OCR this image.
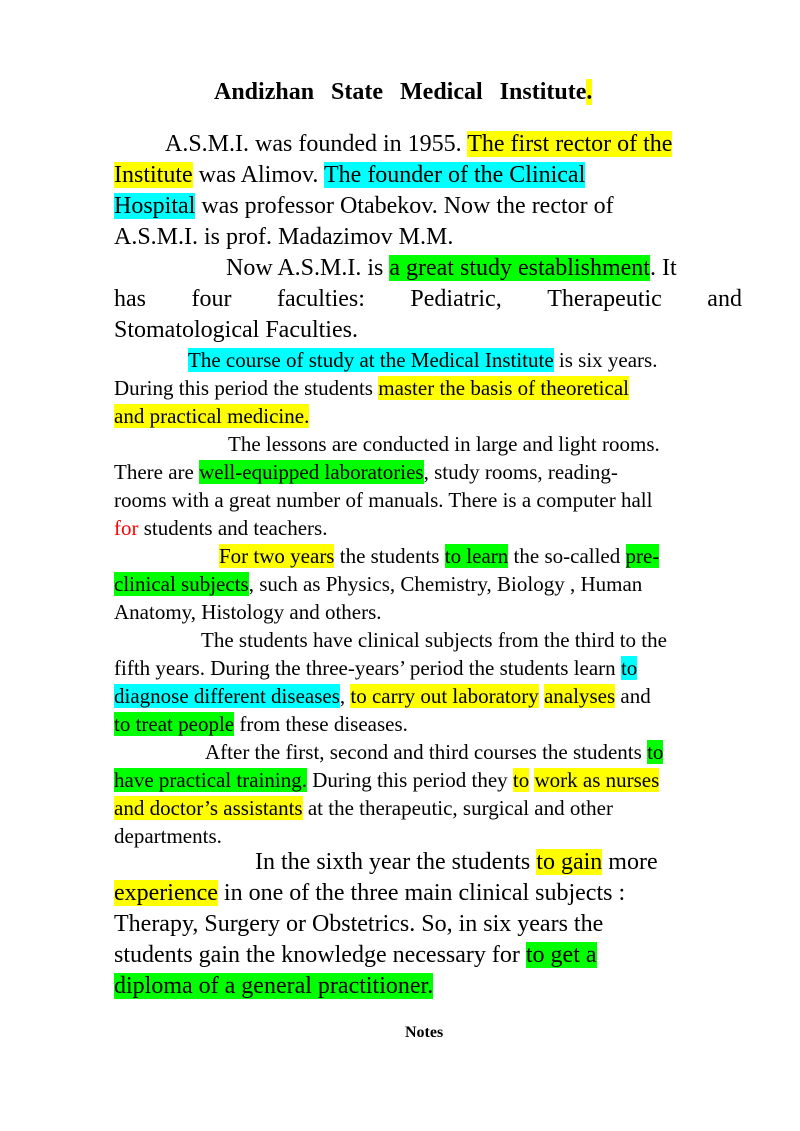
Andizhan State Medical Institute.
A.S.M.I. was founded in 1955. The first rector of the
Institute was Alimov. The founder of the Clinical
Hospital was professor Otabekov. Now the rector of
A.S.M.I. is prof. Madazimov M.M.
Now A.S.M.I. is a great study establishment. It
has four faculties: Pediatric, Therapeutic and
Stomatological Faculties.
The course of study at the Medical Institute is six years.
During this period the students master the basis of theoretical
and practical medicine.
The lessons are conducted in large and light rooms.
There are well-equipped laboratories, study rooms, reading-
rooms with a great number of manuals. There is a computer hall
for students and teachers.
For two years the students to learn the so-called pre-
clinical subjects, such as Physics, Chemistry, Biology , Human
Anatomy, Histology and others.
The students have clinical subjects from the third to the
fifth years. During the three-years’ period the students learn to
diagnose different diseases, to carry out laboratory analyses and
to treat people from these diseases.
After the first, second and third courses the students to
have practical training. During this period they to work as nurses
and doctor’s assistants at the therapeutic, surgical and other
departments.
In the sixth year the students to gain more
experience in one of the three main clinical subjects :
Therapy, Surgery or Obstetrics. So, in six years the
students gain the knowledge necessary for to get a
diploma of a general practitioner.
Notes
